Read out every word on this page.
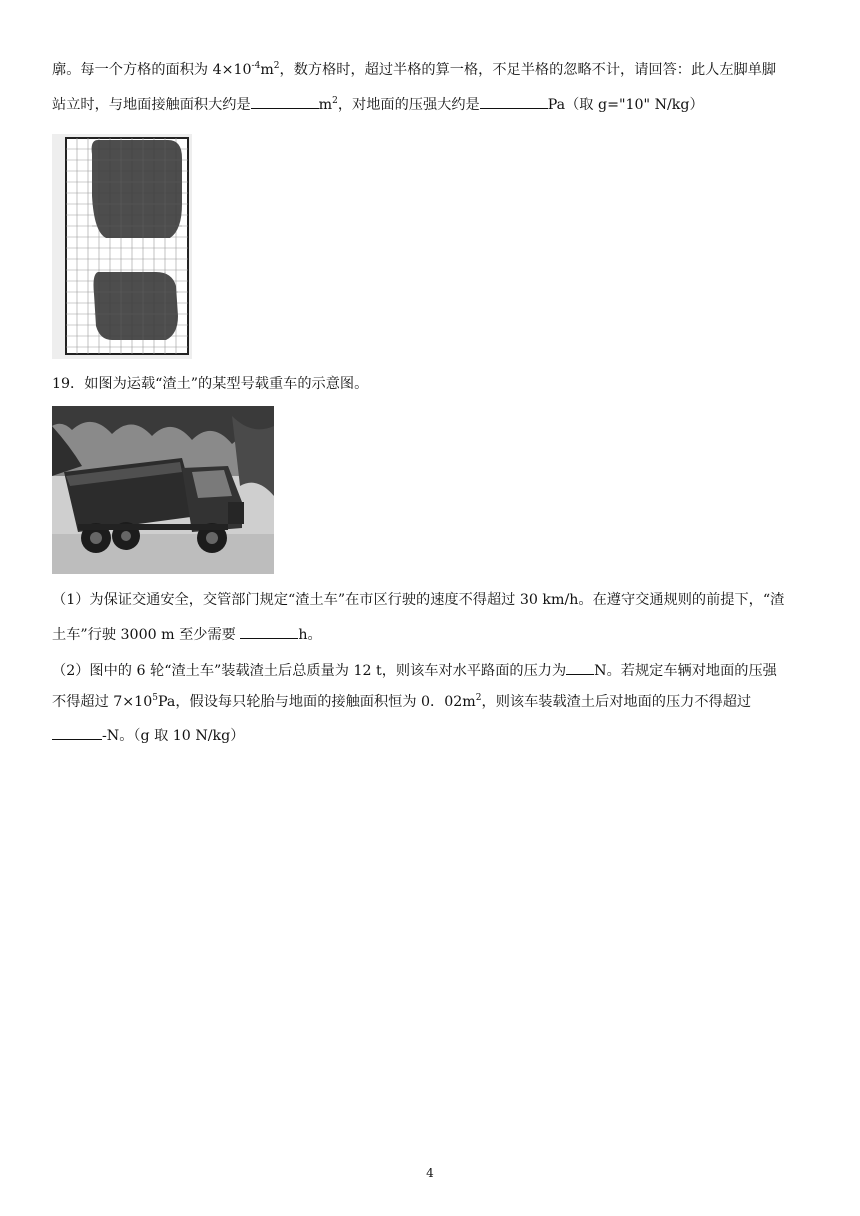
廓。每一个方格的面积为 $4\times 10^{-4}m^2$，数方格时，超过半格的算一格，不足半格的忽略不计，请回答：此人左脚单脚
站立时，与地面接触面积大约是	$m^2$，对地面的压强大约是	Pa（取 g="10" N/kg）
19．如图为运载“渣土”的某型号载重车的示意图。
（1）为保证交通安全，交管部门规定“渣土车”在市区行驶的速度不得超过 30 km/h。在遵守交通规则的前提下，“渣
土车”行驶 3000 m 至少需要	h。
（2）图中的 6 轮“渣土车”装载渣土后总质量为 12 t，则该车对水平路面的压力为 N。若规定车辆对地面的压强
不得超过 $7\times 10^5Pa$，假设每只轮胎与地面的接触面积恒为 0．$02m^2$，则该车装载渣土后对地面的压力不得超过
-N。（g 取 10 N/kg）
4
